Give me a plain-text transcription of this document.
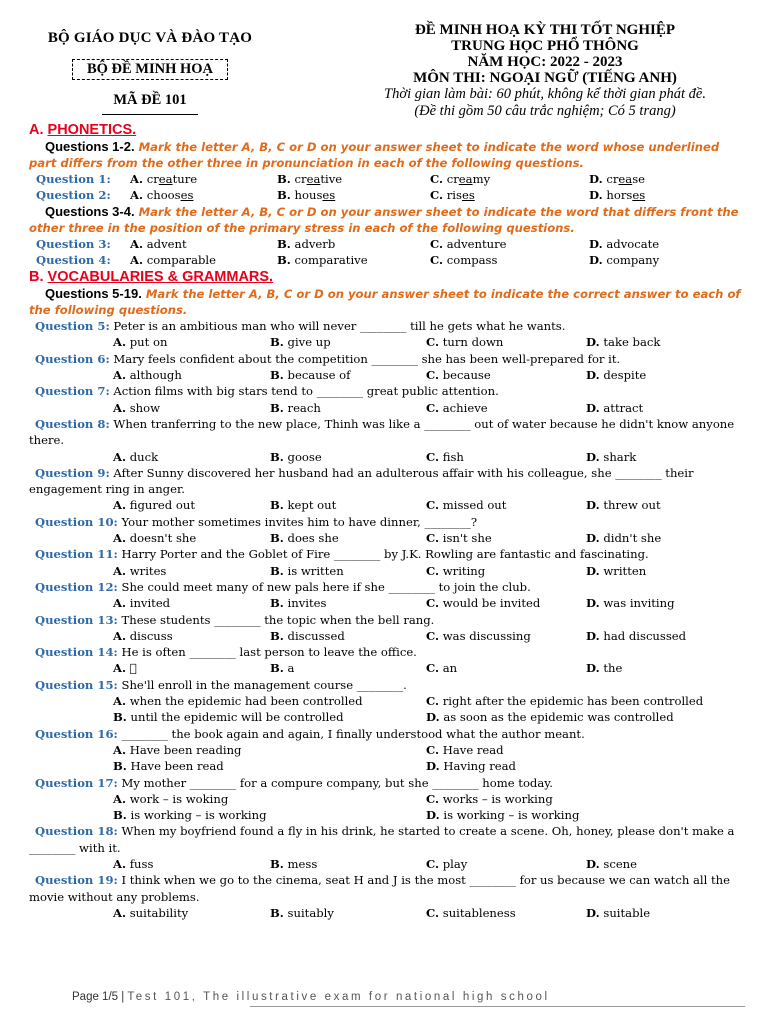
BỘ GIÁO DỤC VÀ ĐÀO TẠO
BỘ ĐỀ MINH HOẠ
MÃ ĐỀ 101
ĐỀ MINH HOẠ KỲ THI TỐT NGHIỆP
TRUNG HỌC PHỔ THÔNG
NĂM HỌC: 2022 - 2023
MÔN THI: NGOẠI NGỮ (TIẾNG ANH)
Thời gian làm bài: 60 phút, không kể thời gian phát đề.
(Đề thi gồm 50 câu trắc nghiệm; Có 5 trang)
A. PHONETICS.
Questions 1-2. Mark the letter A, B, C or D on your answer sheet to indicate the word whose underlined part differs from the other three in pronunciation in each of the following questions.
Question 1: A. creature	B. creative	C. creamy	D. crease
Question 2: A. chooses	B. houses	C. rises	D. horses
Questions 3-4. Mark the letter A, B, C or D on your answer sheet to indicate the word that differs front the other three in the position of the primary stress in each of the following questions.
Question 3: A. advent	B. adverb	C. adventure	D. advocate
Question 4: A. comparable	B. comparative	C. compass	D. company
B. VOCABULARIES & GRAMMARS.
Questions 5-19. Mark the letter A, B, C or D on your answer sheet to indicate the correct answer to each of the following questions.
Question 5: Peter is an ambitious man who will never ________ till he gets what he wants.
A. put on	B. give up	C. turn down	D. take back
Question 6: Mary feels confident about the competition ________ she has been well-prepared for it.
A. although	B. because of	C. because	D. despite
Question 7: Action films with big stars tend to ________ great public attention.
A. show	B. reach	C. achieve	D. attract
Question 8: When tranferring to the new place, Thinh was like a ________ out of water because he didn't know anyone there.
A. duck	B. goose	C. fish	D. shark
Question 9: After Sunny discovered her husband had an adulterous affair with his colleague, she ________ their engagement ring in anger.
A. figured out	B. kept out	C. missed out	D. threw out
Question 10: Your mother sometimes invites him to have dinner, ________?
A. doesn't she	B. does she	C. isn't she	D. didn't she
Question 11: Harry Porter and the Goblet of Fire ________ by J.K. Rowling are fantastic and fascinating.
A. writes	B. is written	C. writing	D. written
Question 12: She could meet many of new pals here if she ________ to join the club.
A. invited	B. invites	C. would be invited	D. was inviting
Question 13: These students ________ the topic when the bell rang.
A. discuss	B. discussed	C. was discussing	D. had discussed
Question 14: He is often ________ last person to leave the office.
A.	B. a	C. an	D. the
Question 15: She'll enroll in the management course ________.
A. when the epidemic had been controlled	C. right after the epidemic has been controlled
B. until the epidemic will be controlled	D. as soon as the epidemic was controlled
Question 16: ________ the book again and again, I finally understood what the author meant.
A. Have been reading	C. Have read
B. Have been read	D. Having read
Question 17: My mother ________ for a compure company, but she ________ home today.
A. work – is woking	C. works – is working
B. is working – is working	D. is working – is working
Question 18: When my boyfriend found a fly in his drink, he started to create a scene. Oh, honey, please don't make a ________ with it.
A. fuss	B. mess	C. play	D. scene
Question 19: I think when we go to the cinema, seat H and J is the most ________ for us because we can watch all the movie without any problems.
A. suitability	B. suitably	C. suitableness	D. suitable
Page 1/5 | Test 101, The illustrative exam for national high school
